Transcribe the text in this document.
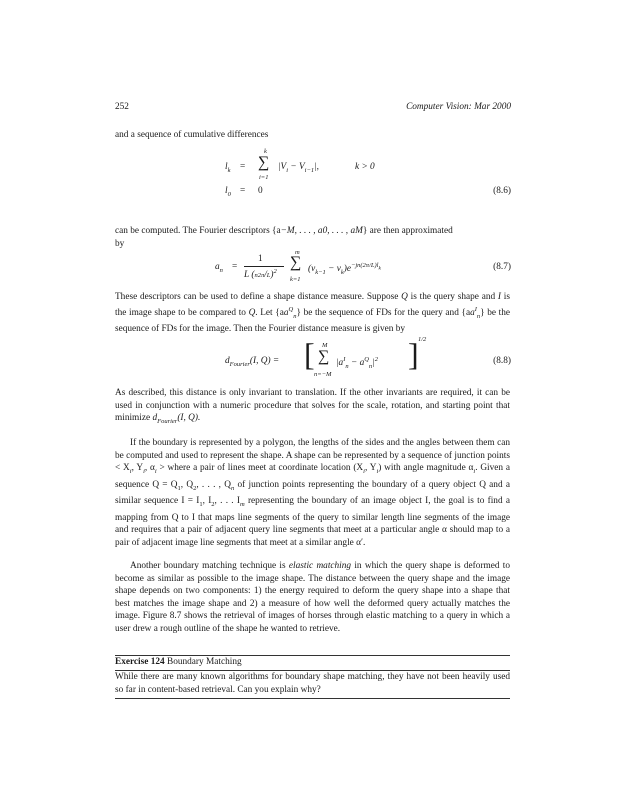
252	Computer Vision: Mar 2000
and a sequence of cumulative differences
$l_k$ =
k
∑
i=1
$|V_i - V_{i-1}|$,	k > 0
$l_0 = 0$	(8.6)
can be computed. The Fourier descriptors {a−M, . . . , a0, . . . , aM} are then approximated
by
$a_n$ =
1
L $(n2\pi/L)^2$
m
∑
k=1
$(v_{k-1} - v_k)e^{-jn(2\pi/L)l_k}$	(8.7)
These descriptors can be used to define a shape distance measure. Suppose Q is the query shape and I is the image shape to be compared to Q. Let $\{aa^Q_n\}$ be the sequence of FDs for the query and $\{aa^I_n\}$ be the sequence of FDs for the image. Then the Fourier distance measure is given by
$d_{Fourier}(I$, Q) = [ M
∑
n=−M
$|a^I_n - a^Q_n|^2$ ] 1/2
(8.8)
As described, this distance is only invariant to translation. If the other invariants are required, it can be used in conjunction with a numeric procedure that solves for the scale, rotation, and starting point that minimize $d_{Fourier}(I$, Q).
If the boundary is represented by a polygon, the lengths of the sides and the angles between them can be computed and used to represent the shape. A shape can be represented by a sequence of junction points < $X_i$, $Y_i$, $\alpha_i$ > where a pair of lines meet at coordinate location ($X_i$, $Y_i$) with angle magnitude $\alpha_i$. Given a sequence $Q = Q_1$, $Q_2$, . . . , $Q_n$ of junction points representing the boundary of a query object Q and a similar sequence $I = I_1$, $I_2$, . . . $I_m$ representing the boundary of an image object I, the goal is to find a mapping from Q to I that maps line segments of the query to similar length line segments of the image and requires that a pair of adjacent query line segments that meet at a particular angle α should map to a pair of adjacent image line segments that meet at a similar angle α′.
Another boundary matching technique is elastic matching in which the query shape is deformed to become as similar as possible to the image shape. The distance between the query shape and the image shape depends on two components: 1) the energy required to deform the query shape into a shape that best matches the image shape and 2) a measure of how well the deformed query actually matches the image. Figure 8.7 shows the retrieval of images of horses through elastic matching to a query in which a user drew a rough outline of the shape he wanted to retrieve.
Exercise 124 Boundary Matching
While there are many known algorithms for boundary shape matching, they have not been heavily used so far in content-based retrieval. Can you explain why?
